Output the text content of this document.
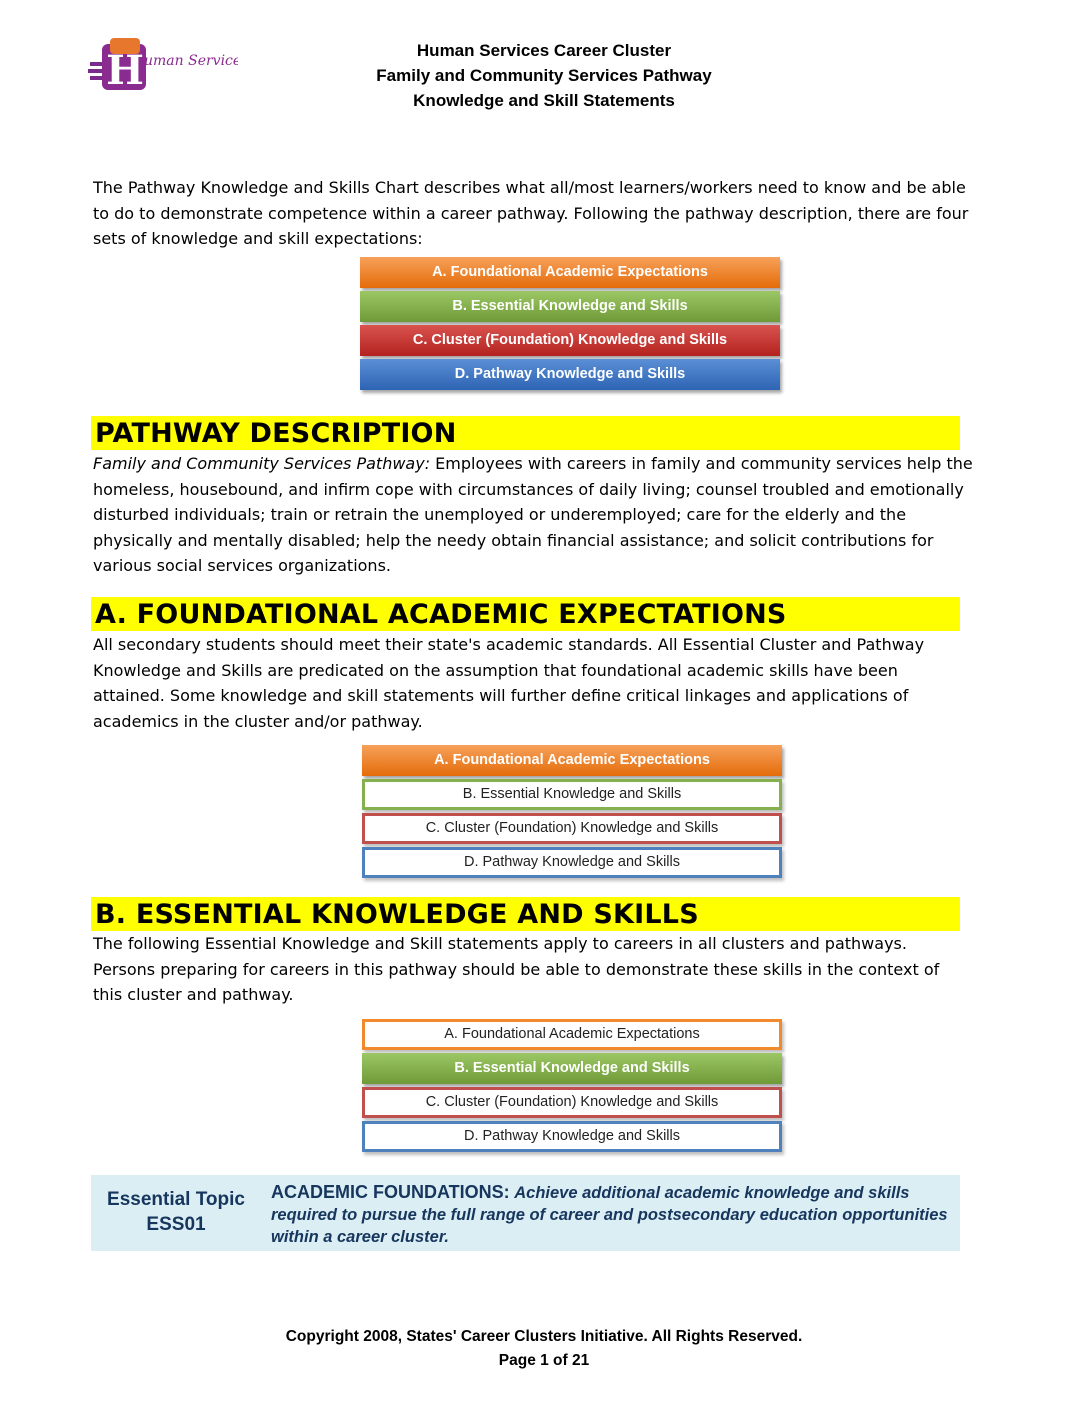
H uman Services
Human Services Career Cluster
Family and Community Services Pathway
Knowledge and Skill Statements
The Pathway Knowledge and Skills Chart describes what all/most learners/workers need to know and be able to do to demonstrate competence within a career pathway. Following the pathway description, there are four sets of knowledge and skill expectations:
A. Foundational Academic Expectations
B. Essential Knowledge and Skills
C. Cluster (Foundation) Knowledge and Skills
D. Pathway Knowledge and Skills
PATHWAY DESCRIPTION
Family and Community Services Pathway: Employees with careers in family and community services help the homeless, housebound, and infirm cope with circumstances of daily living; counsel troubled and emotionally disturbed individuals; train or retrain the unemployed or underemployed; care for the elderly and the physically and mentally disabled; help the needy obtain financial assistance; and solicit contributions for various social services organizations.
A. FOUNDATIONAL ACADEMIC EXPECTATIONS
All secondary students should meet their state's academic standards. All Essential Cluster and Pathway Knowledge and Skills are predicated on the assumption that foundational academic skills have been attained. Some knowledge and skill statements will further define critical linkages and applications of academics in the cluster and/or pathway.
A. Foundational Academic Expectations
B. Essential Knowledge and Skills
C. Cluster (Foundation) Knowledge and Skills
D. Pathway Knowledge and Skills
B. ESSENTIAL KNOWLEDGE AND SKILLS
The following Essential Knowledge and Skill statements apply to careers in all clusters and pathways. Persons preparing for careers in this pathway should be able to demonstrate these skills in the context of this cluster and pathway.
A. Foundational Academic Expectations
B. Essential Knowledge and Skills
C. Cluster (Foundation) Knowledge and Skills
D. Pathway Knowledge and Skills
Essential Topic
ESS01
ACADEMIC FOUNDATIONS: Achieve additional academic knowledge and skills required to pursue the full range of career and postsecondary education opportunities within a career cluster.
Copyright 2008, States' Career Clusters Initiative. All Rights Reserved.
Page 1 of 21
